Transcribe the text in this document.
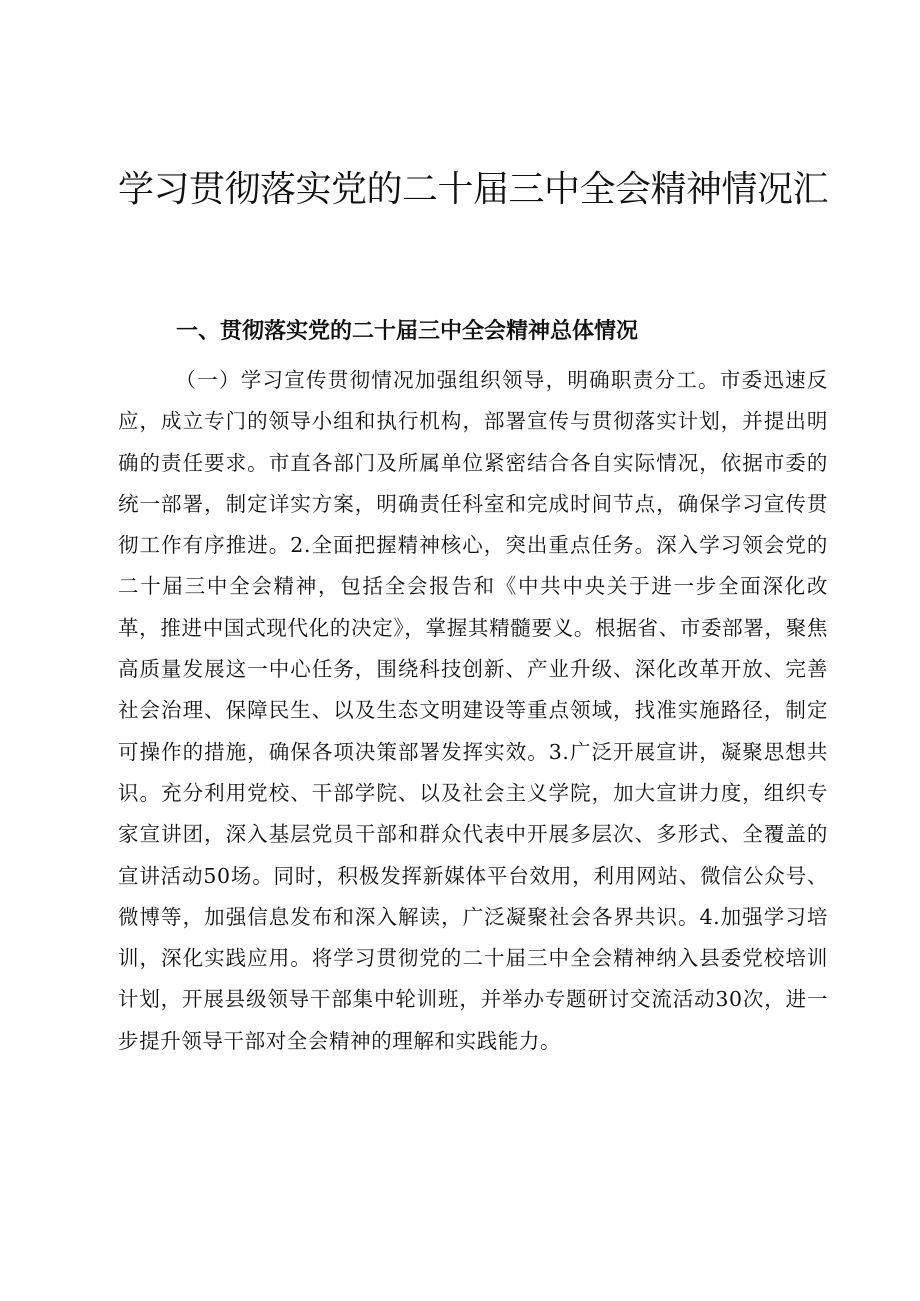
学习贯彻落实党的二十届三中全会精神情况汇
一、贯彻落实党的二十届三中全会精神总体情况

（一）学习宣传贯彻情况加强组织领导，明确职责分工。市委迅速反应，成立专门的领导小组和执行机构，部署宣传与贯彻落实计划，并提出明确的责任要求。市直各部门及所属单位紧密结合各自实际情况，依据市委的统一部署，制定详实方案，明确责任科室和完成时间节点，确保学习宣传贯彻工作有序推进。2.全面把握精神核心，突出重点任务。深入学习领会党的二十届三中全会精神，包括全会报告和《中共中央关于进一步全面深化改革，推进中国式现代化的决定》，掌握其精髓要义。根据省、市委部署，聚焦高质量发展这一中心任务，围绕科技创新、产业升级、深化改革开放、完善社会治理、保障民生、以及生态文明建设等重点领域，找准实施路径，制定可操作的措施，确保各项决策部署发挥实效。3.广泛开展宣讲，凝聚思想共识。充分利用党校、干部学院、以及社会主义学院，加大宣讲力度，组织专家宣讲团，深入基层党员干部和群众代表中开展多层次、多形式、全覆盖的宣讲活动50场。同时，积极发挥新媒体平台效用，利用网站、微信公众号、微博等，加强信息发布和深入解读，广泛凝聚社会各界共识。4.加强学习培训，深化实践应用。将学习贯彻党的二十届三中全会精神纳入县委党校培训计划，开展县级领导干部集中轮训班，并举办专题研讨交流活动30次，进一步提升领导干部对全会精神的理解和实践能力。
